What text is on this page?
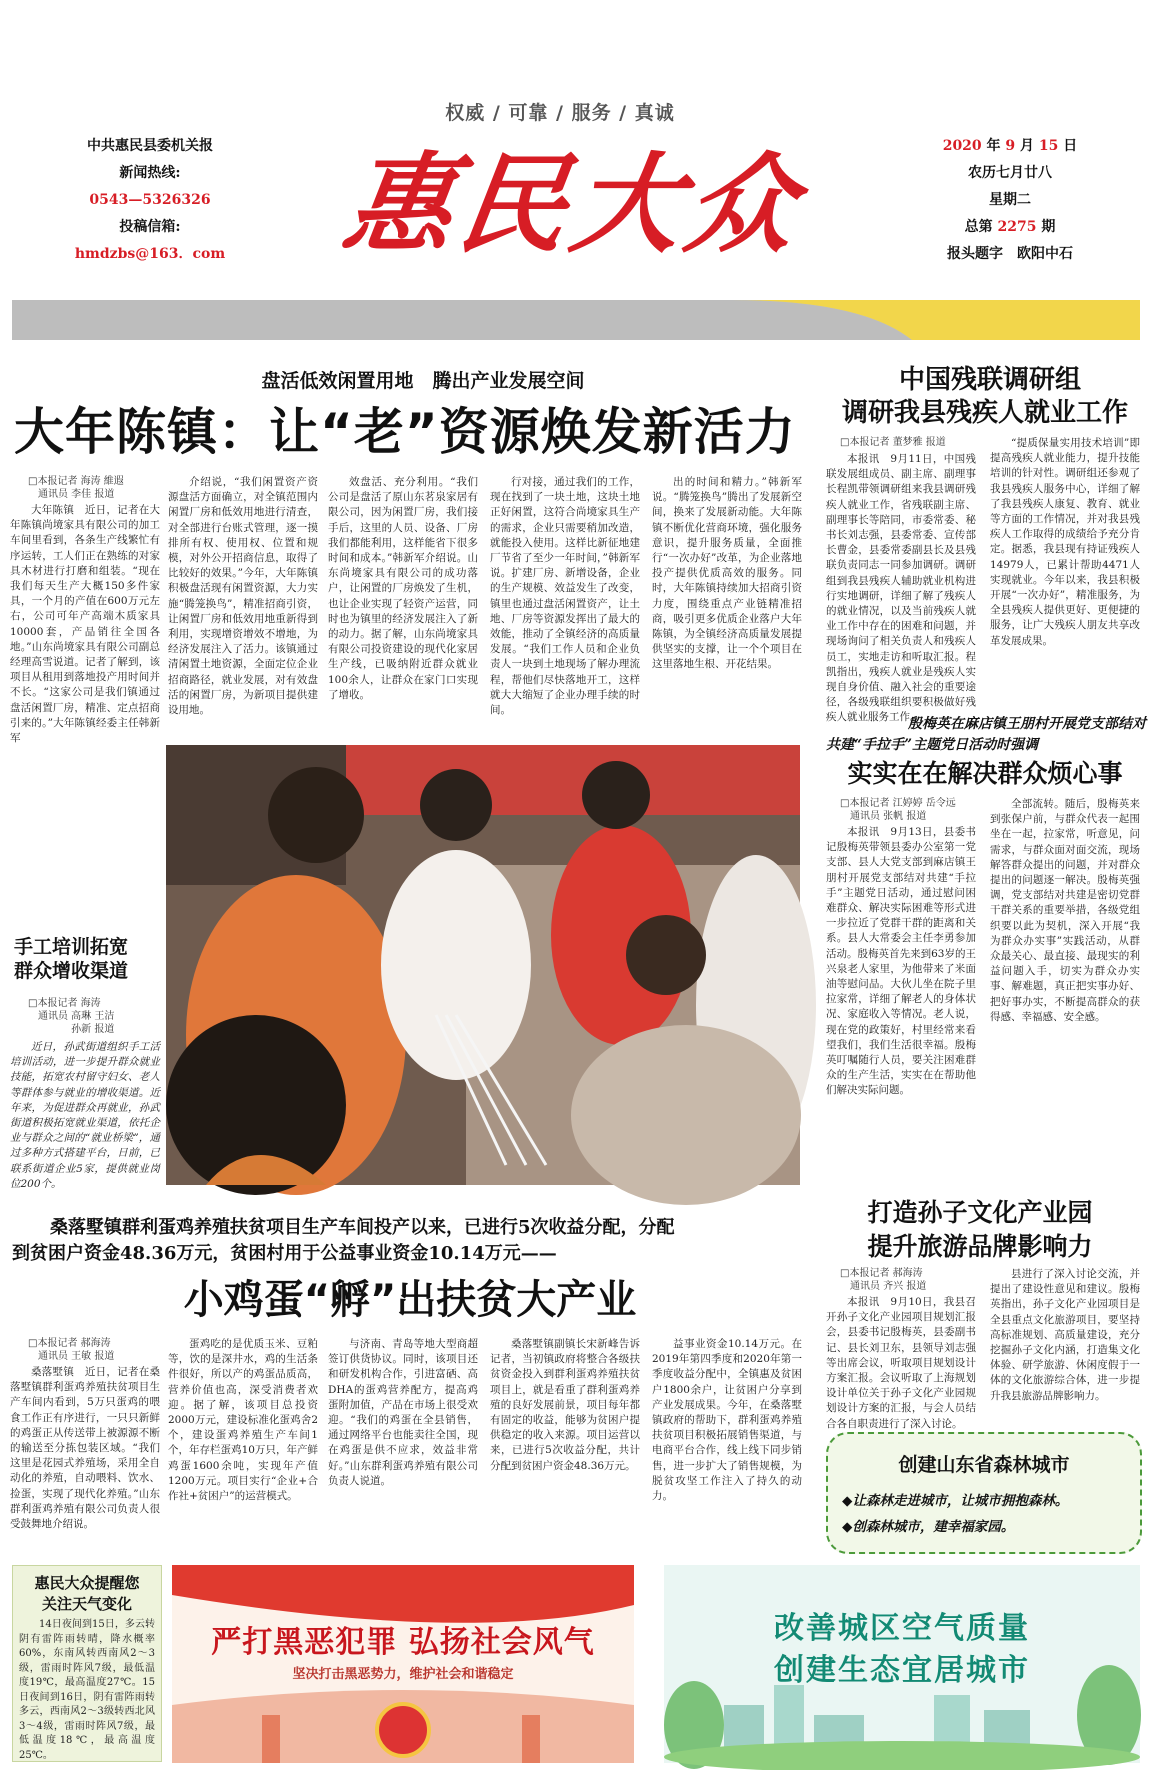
权威 / 可靠 / 服务 / 真诚
中共惠民县委机关报
新闻热线:
0543—5326326
投稿信箱:
hmdzbs@163．com 惠民大众	2020 年 9 月 15 日
农历七月廿八
星期二
总第 2275 期
报头题字　欧阳中石
盘活低效闲置用地　腾出产业发展空间
大年陈镇：让“老”资源焕发新活力
□本报记者 海涛 維遐
　通讯员 李佳 报道

大年陈镇　近日，记者在大年陈镇尚境家具有限公司的加工车间里看到，各条生产线繁忙有序运转，工人们正在熟练的对家具木材进行打磨和组装。“现在我们每天生产大概150多件家具，一个月的产值在600万元左右，公司可年产高端木质家具10000套，产品销往全国各地。”山东尚境家具有限公司副总经理高雪说道。记者了解到，该项目从租用到落地投产用时间并不长。“这家公司是我们镇通过盘活闲置厂房，精准、定点招商引来的。”大年陈镇经委主任韩新军

介绍说，“我们闲置资产资源盘活方面确立，对全镇范围内闲置厂房和低效用地进行清查，对全部进行台账式管理，逐一摸排所有权、使用权、位置和规模，对外公开招商信息，取得了比较好的效果。”今年，大年陈镇积极盘活现有闲置资源，大力实施“腾笼换鸟”，精准招商引资，让闲置厂房和低效用地重新得到利用，实现增资增效不增地，为经济发展注入了活力。该镇通过清闲置土地资源，全面定位企业招商路径，就业发展，对有效盘活的闲置厂房，为新项目提供建设用地。

效盘活、充分利用。“我们公司是盘活了原山东茗泉家居有限公司，因为闲置厂房，我们接手后，这里的人员、设备、厂房我们都能利用，这样能省下很多时间和成本。”韩新军介绍说。山东尚境家具有限公司的成功落户，让闲置的厂房焕发了生机，也让企业实现了轻资产运营，同时也为镇里的经济发展注入了新的动力。据了解，山东尚境家具有限公司投资建设的现代化家居生产线，已吸纳附近群众就业100余人，让群众在家门口实现了增收。

行对接，通过我们的工作，现在找到了一块土地，这块土地正好闲置，这符合尚境家具生产的需求，企业只需要稍加改造，就能投入使用。这样比新征地建厂节省了至少一年时间，”韩新军说。扩建厂房、新增设备，企业的生产规模、效益发生了改变，镇里也通过盘活闲置资产，让土地、厂房等资源发挥出了最大的效能，推动了全镇经济的高质量发展。“我们工作人员和企业负责人一块到土地现场了解办理流程，帮他们尽快落地开工，这样就大大缩短了企业办理手续的时间。

出的时间和精力。”韩新军说。“腾笼换鸟”腾出了发展新空间，换来了发展新动能。大年陈镇不断优化营商环境，强化服务意识，提升服务质量，全面推行“一次办好”改革，为企业落地投产提供优质高效的服务。同时，大年陈镇持续加大招商引资力度，围绕重点产业链精准招商，吸引更多优质企业落户大年陈镇，为全镇经济高质量发展提供坚实的支撑，让一个个项目在这里落地生根、开花结果。

中国残联调研组
调研我县残疾人就业工作
□本报记者 董梦雅 报道

本报讯　9月11日，中国残联发展组成员、副主席、副理事长程凯带领调研组来我县调研残疾人就业工作，省残联副主席、副理事长等陪同，市委常委、秘书长刘志强，县委常委、宣传部长曹金，县委常委副县长及县残联负责同志一同参加调研。调研组到我县残疾人辅助就业机构进行实地调研，详细了解了残疾人的就业情况，以及当前残疾人就业工作中存在的困难和问题，并现场询问了相关负责人和残疾人员工，实地走访和听取汇报。程凯指出，残疾人就业是残疾人实现自身价值、融入社会的重要途径，各级残联组织要积极做好残疾人就业服务工作。

“提质保量实用技术培训”即提高残疾人就业能力，提升技能培训的针对性。调研组还参观了我县残疾人服务中心，详细了解了我县残疾人康复、教育、就业等方面的工作情况，并对我县残疾人工作取得的成绩给予充分肯定。据悉，我县现有持证残疾人14979人，已累计帮助4471人实现就业。今年以来，我县积极开展“一次办好”，精准服务，为全县残疾人提供更好、更便捷的服务，让广大残疾人朋友共享改革发展成果。

手工培训拓宽
群众增收渠道
□本报记者 海涛
　通讯员 高琳 王洁
　　　　 孙新 报道

近日，孙武街道组织手工活培训活动，进一步提升群众就业技能，拓宽农村留守妇女、老人等群体参与就业的增收渠道。近年来，为促进群众再就业，孙武街道积极拓宽就业渠道，依托企业与群众之间的“就业桥梁”，通过多种方式搭建平台，日前，已联系街道企业5家，提供就业岗位200个。

殷梅英在麻店镇王朋村开展党支部结对
共建“手拉手”主题党日活动时强调
实实在在解决群众烦心事
□本报记者 江婷婷 岳令远
　通讯员 张帆 报道

本报讯　9月13日，县委书记殷梅英带领县委办公室第一党支部、县人大党支部到麻店镇王朋村开展党支部结对共建“手拉手”主题党日活动，通过慰问困难群众、解决实际困难等形式进一步拉近了党群干群的距离和关系。县人大常委会主任李勇参加活动。殷梅英首先来到63岁的王兴泉老人家里，为他带来了米面油等慰问品。大伙儿坐在院子里拉家常，详细了解老人的身体状况、家庭收入等情况。老人说，现在党的政策好，村里经常来看望我们，我们生活很幸福。殷梅英叮嘱随行人员，要关注困难群众的生产生活，实实在在帮助他们解决实际问题。

全部流转。随后，殷梅英来到张保户前，与群众代表一起围坐在一起，拉家常，听意见，问需求，与群众面对面交流，现场解答群众提出的问题，并对群众提出的问题逐一解决。殷梅英强调，党支部结对共建是密切党群干群关系的重要举措，各级党组织要以此为契机，深入开展“我为群众办实事”实践活动，从群众最关心、最直接、最现实的利益问题入手，切实为群众办实事、解难题，真正把实事办好、把好事办实，不断提高群众的获得感、幸福感、安全感。

桑落墅镇群利蛋鸡养殖扶贫项目生产车间投产以来，已进行5次收益分配，分配
到贫困户资金48.36万元，贫困村用于公益事业资金10.14万元——
小鸡蛋“孵”出扶贫大产业
□本报记者 郝海涛
　通讯员 王敏 报道

桑落墅镇　近日，记者在桑落墅镇群利蛋鸡养殖扶贫项目生产车间内看到，5万只蛋鸡的喂食工作正有序进行，一只只新鲜的鸡蛋正从传送带上被源源不断的输送至分拣包装区域。“我们这里是花园式养殖场，采用全自动化的养殖，自动喂料、饮水、捡蛋，实现了现代化养殖。”山东群利蛋鸡养殖有限公司负责人很受鼓舞地介绍说。

蛋鸡吃的是优质玉米、豆粕等，饮的是深井水，鸡的生活条件很好，所以产的鸡蛋品质高，营养价值也高，深受消费者欢迎。据了解，该项目总投资2000万元，建设标准化蛋鸡舍2个，建设蛋鸡养殖生产车间1个，年存栏蛋鸡10万只，年产鲜鸡蛋1600余吨，实现年产值1200万元。项目实行“企业+合作社+贫困户”的运营模式。

与济南、青岛等地大型商超签订供货协议。同时，该项目还和研发机构合作，引进富硒、高DHA的蛋鸡营养配方，提高鸡蛋附加值，产品在市场上很受欢迎。“我们的鸡蛋在全县销售，通过网络平台也能卖往全国，现在鸡蛋是供不应求，效益非常好。”山东群利蛋鸡养殖有限公司负责人说道。

桑落墅镇副镇长宋新峰告诉记者，当初镇政府将整合各级扶贫资金投入到群利蛋鸡养殖扶贫项目上，就是看重了群利蛋鸡养殖的良好发展前景，项目每年都有固定的收益，能够为贫困户提供稳定的收入来源。项目运营以来，已进行5次收益分配，共计分配到贫困户资金48.36万元。

益事业资金10.14万元。在2019年第四季度和2020年第一季度收益分配中，全镇惠及贫困户1800余户，让贫困户分享到产业发展成果。今年，在桑落墅镇政府的帮助下，群利蛋鸡养殖扶贫项目积极拓展销售渠道，与电商平台合作，线上线下同步销售，进一步扩大了销售规模，为脱贫攻坚工作注入了持久的动力。

打造孙子文化产业园
提升旅游品牌影响力
□本报记者 郝海涛
　通讯员 齐兴 报道

本报讯　9月10日，我县召开孙子文化产业园项目规划汇报会，县委书记殷梅英，县委副书记、县长刘卫东，县领导刘志强等出席会议，听取项目规划设计方案汇报。会议听取了上海规划设计单位关于孙子文化产业园规划设计方案的汇报，与会人员结合各自职责进行了深入讨论。

县进行了深入讨论交流，并提出了建设性意见和建议。殷梅英指出，孙子文化产业园项目是全县重点文化旅游项目，要坚持高标准规划、高质量建设，充分挖掘孙子文化内涵，打造集文化体验、研学旅游、休闲度假于一体的文化旅游综合体，进一步提升我县旅游品牌影响力。

创建山东省森林城市
◆让森林走进城市，让城市拥抱森林。
◆创森林城市，建幸福家园。
惠民大众提醒您
关注天气变化

14日夜间到15日，多云转阴有雷阵雨转晴，降水概率60%，东南风转西南风2～3级，雷雨时阵风7级，最低温度19℃，最高温度27℃。15日夜间到16日，阴有雷阵雨转多云，西南风2～3级转西北风3～4级，雷雨时阵风7级，最低温度18℃，最高温度25℃。

严打黑恶犯罪 弘扬社会风气
坚决打击黑恶势力，维护社会和谐稳定
改善城区空气质量
创建生态宜居城市
